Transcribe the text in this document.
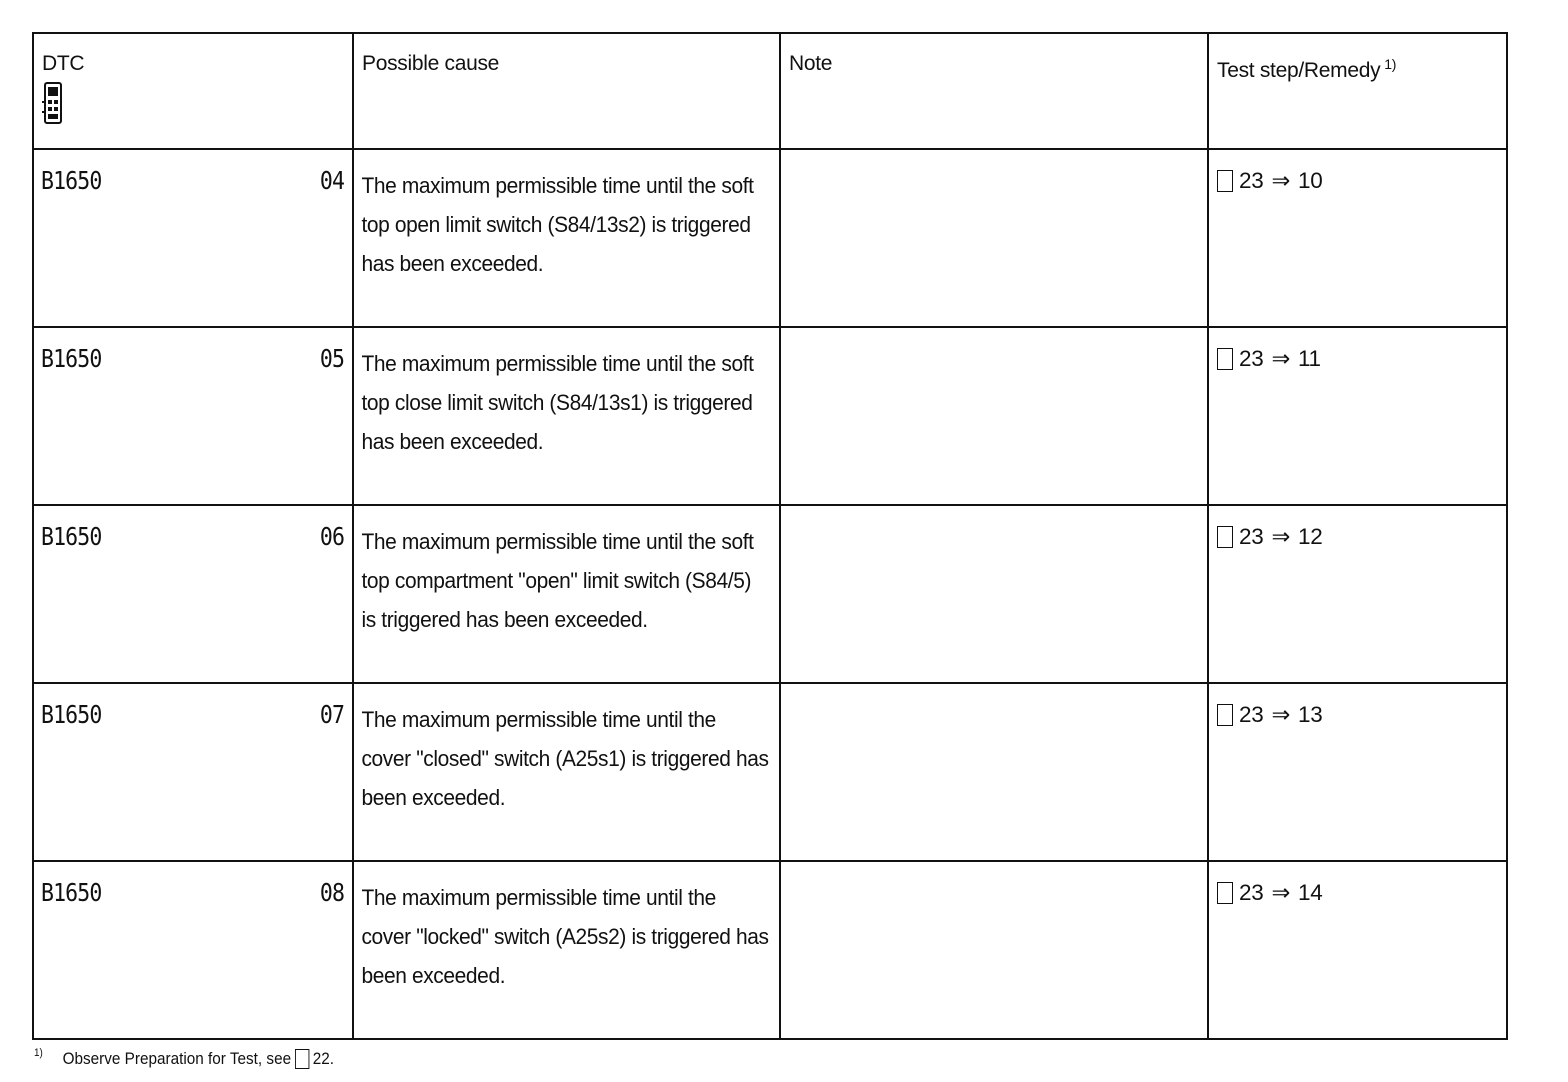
DTC	Possible cause	Note	Test step/Remedy $^{1)}$

B1650 04	The maximum permissible time until the soft top open limit switch (S84/13s2) is triggered has been exceeded.		23 ⇒ 10

B1650 05	The maximum permissible time until the soft top close limit switch (S84/13s1) is triggered has been exceeded.		23 ⇒ 11

B1650 06	The maximum permissible time until the soft top compartment "open" limit switch (S84/5) is triggered has been exceeded.		23 ⇒ 12

B1650 07	The maximum permissible time until the cover "closed" switch (A25s1) is triggered has been exceeded.		23 ⇒ 13

B1650 08	The maximum permissible time until the cover "locked" switch (A25s2) is triggered has been exceeded.		23 ⇒ 14
1) Observe Preparation for Test, see 22.
